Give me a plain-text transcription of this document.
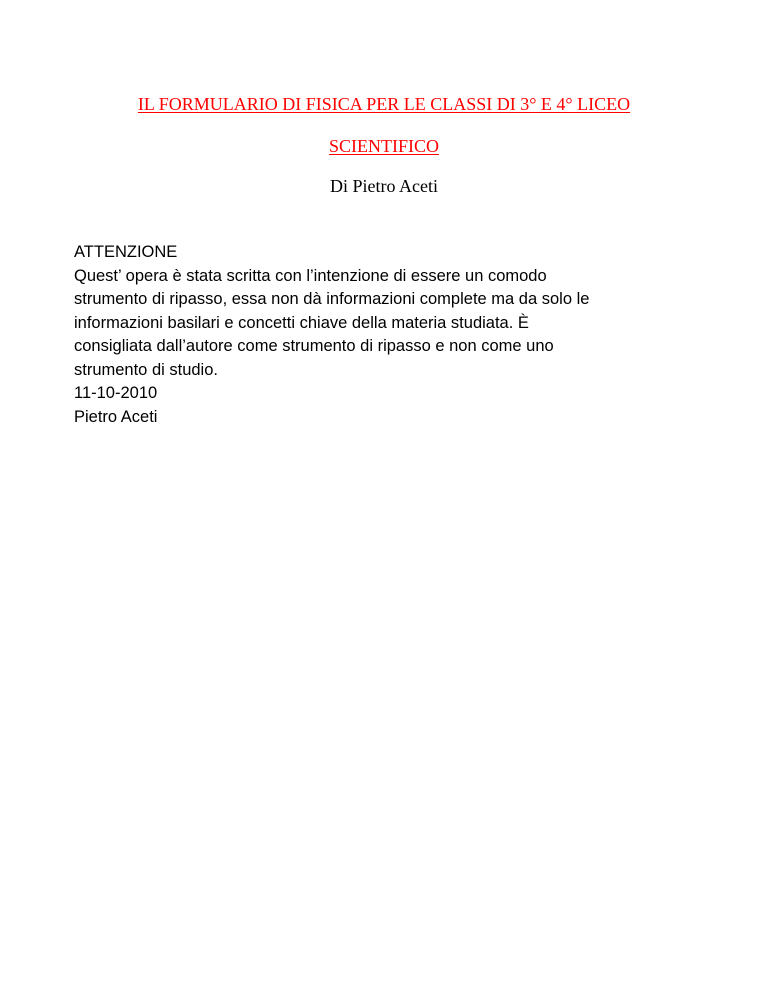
IL FORMULARIO DI FISICA PER LE CLASSI DI 3° E 4° LICEO
SCIENTIFICO
Di Pietro Aceti
ATTENZIONE
Quest’ opera è stata scritta con l’intenzione di essere un comodo
strumento di ripasso, essa non dà informazioni complete ma da solo le
informazioni basilari e concetti chiave della materia studiata. È
consigliata dall’autore come strumento di ripasso e non come uno
strumento di studio.
11-10-2010
Pietro Aceti
